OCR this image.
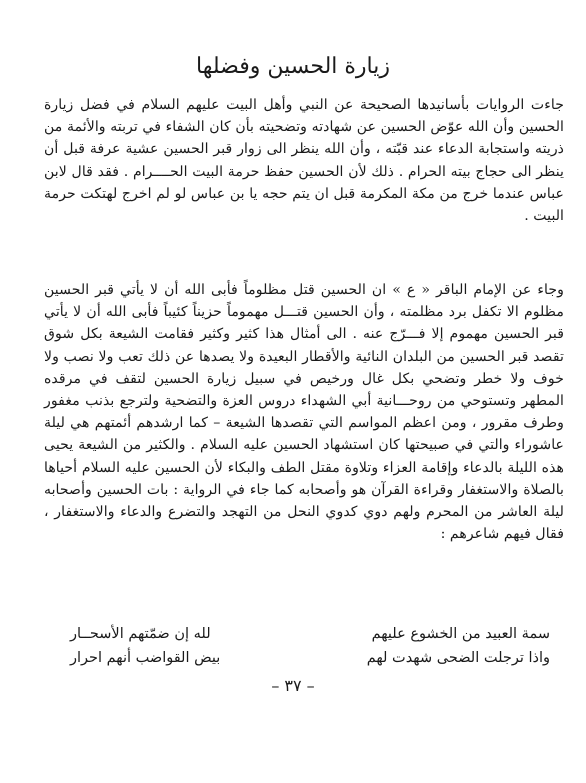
زيارة الحسين وفضلها

جاءت الروايات بأسانيدها الصحيحة عن النبي وأهل البيت عليهم السلام في فضل زيارة الحسين وأن الله عوّض الحسين عن شهادته وتضحيته بأن كان الشفاء في تربته والأئمة من ذريته واستجابة الدعاء عند قبّته ، وأن الله ينظر الى زوار قبر الحسين عشية عرفة قبل أن ينظر الى حجاج بيته الحرام . ذلك لأن الحسين حفظ حرمة البيت الحــــرام . فقد قال لابن عباس عندما خرج من مكة المكرمة قبل ان يتم حجه يا بن عباس لو لم اخرج لهتكت حرمة البيت .

وجاء عن الإمام الباقر « ع » ان الحسين قتل مظلوماً فأبى الله أن لا يأتي قبر الحسين مظلوم الا تكفل برد مظلمته ، وأن الحسين قتـــل مهموماً حزيناً كئيباً فأبى الله أن لا يأتي قبر الحسين مهموم إلا فـــرّج عنه . الى أمثال هذا كثير وكثير فقامت الشيعة بكل شوق تقصد قبر الحسين من البلدان النائية والأقطار البعيدة ولا يصدها عن ذلك تعب ولا نصب ولا خوف ولا خطر وتضحي بكل غال ورخيص في سبيل زيارة الحسين لتقف في مرقده المطهر وتستوحي من روحـــانية أبي الشهداء دروس العزة والتضحية ولترجع بذنب مغفور وطرف مقرور ، ومن اعظم المواسم التي تقصدها الشيعة – كما ارشدهم أئمتهم هي ليلة عاشوراء والتي في صبيحتها كان استشهاد الحسين عليه السلام . والكثير من الشيعة يحيى هذه الليلة بالدعاء وإقامة العزاء وتلاوة مقتل الطف والبكاء لأن الحسين عليه السلام أحياها بالصلاة والاستغفار وقراءة القرآن هو وأصحابه كما جاء في الرواية : بات الحسين وأصحابه ليلة العاشر من المحرم ولهم دوي كدوي النحل من التهجد والتضرع والدعاء والاستغفار ، فقال فيهم شاعرهم :

سمة العبيد من الخشوع عليهم
لله إن ضمّتهم الأسحــار
واذا ترجلت الضحى شهدت لهم
بيض القواضب أنهم احرار
– ٣٧ –
